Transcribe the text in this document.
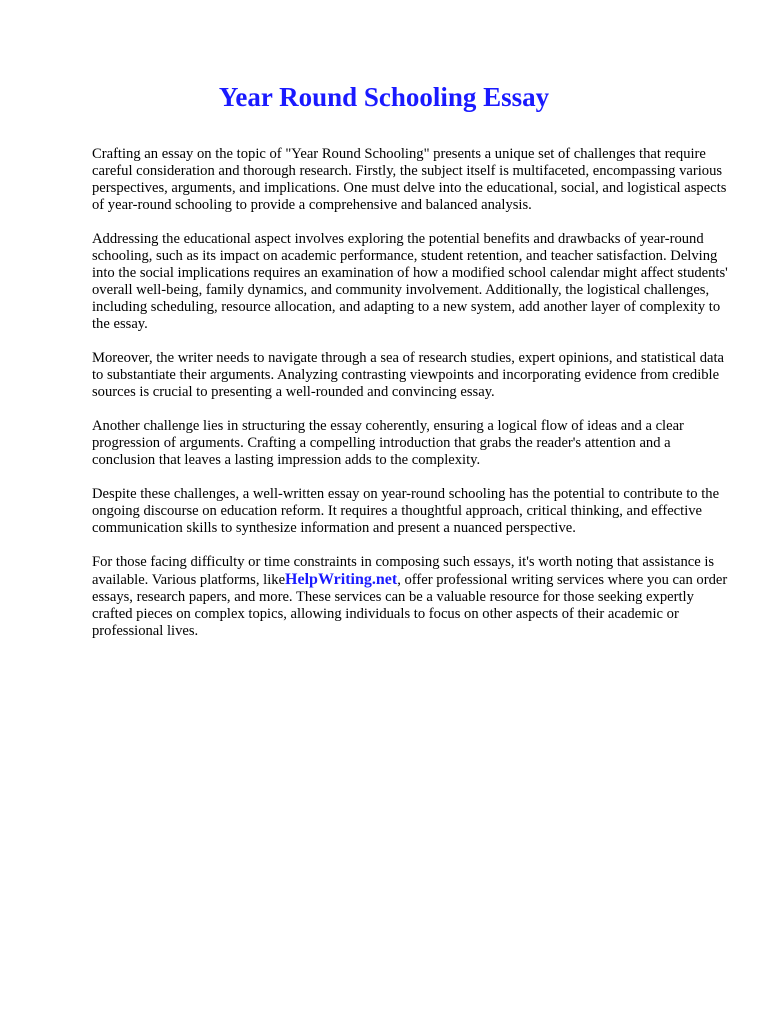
Year Round Schooling Essay

Crafting an essay on the topic of "Year Round Schooling" presents a unique set of challenges that require careful consideration and thorough research. Firstly, the subject itself is multifaceted, encompassing various perspectives, arguments, and implications. One must delve into the educational, social, and logistical aspects of year-round schooling to provide a comprehensive and balanced analysis.

Addressing the educational aspect involves exploring the potential benefits and drawbacks of year-round schooling, such as its impact on academic performance, student retention, and teacher satisfaction. Delving into the social implications requires an examination of how a modified school calendar might affect students' overall well-being, family dynamics, and community involvement. Additionally, the logistical challenges, including scheduling, resource allocation, and adapting to a new system, add another layer of complexity to the essay.

Moreover, the writer needs to navigate through a sea of research studies, expert opinions, and statistical data to substantiate their arguments. Analyzing contrasting viewpoints and incorporating evidence from credible sources is crucial to presenting a well-rounded and convincing essay.

Another challenge lies in structuring the essay coherently, ensuring a logical flow of ideas and a clear progression of arguments. Crafting a compelling introduction that grabs the reader's attention and a conclusion that leaves a lasting impression adds to the complexity.

Despite these challenges, a well-written essay on year-round schooling has the potential to contribute to the ongoing discourse on education reform. It requires a thoughtful approach, critical thinking, and effective communication skills to synthesize information and present a nuanced perspective.

For those facing difficulty or time constraints in composing such essays, it's worth noting that assistance is available. Various platforms, likeHelpWriting.net, offer professional writing services where you can order essays, research papers, and more. These services can be a valuable resource for those seeking expertly crafted pieces on complex topics, allowing individuals to focus on other aspects of their academic or professional lives.
